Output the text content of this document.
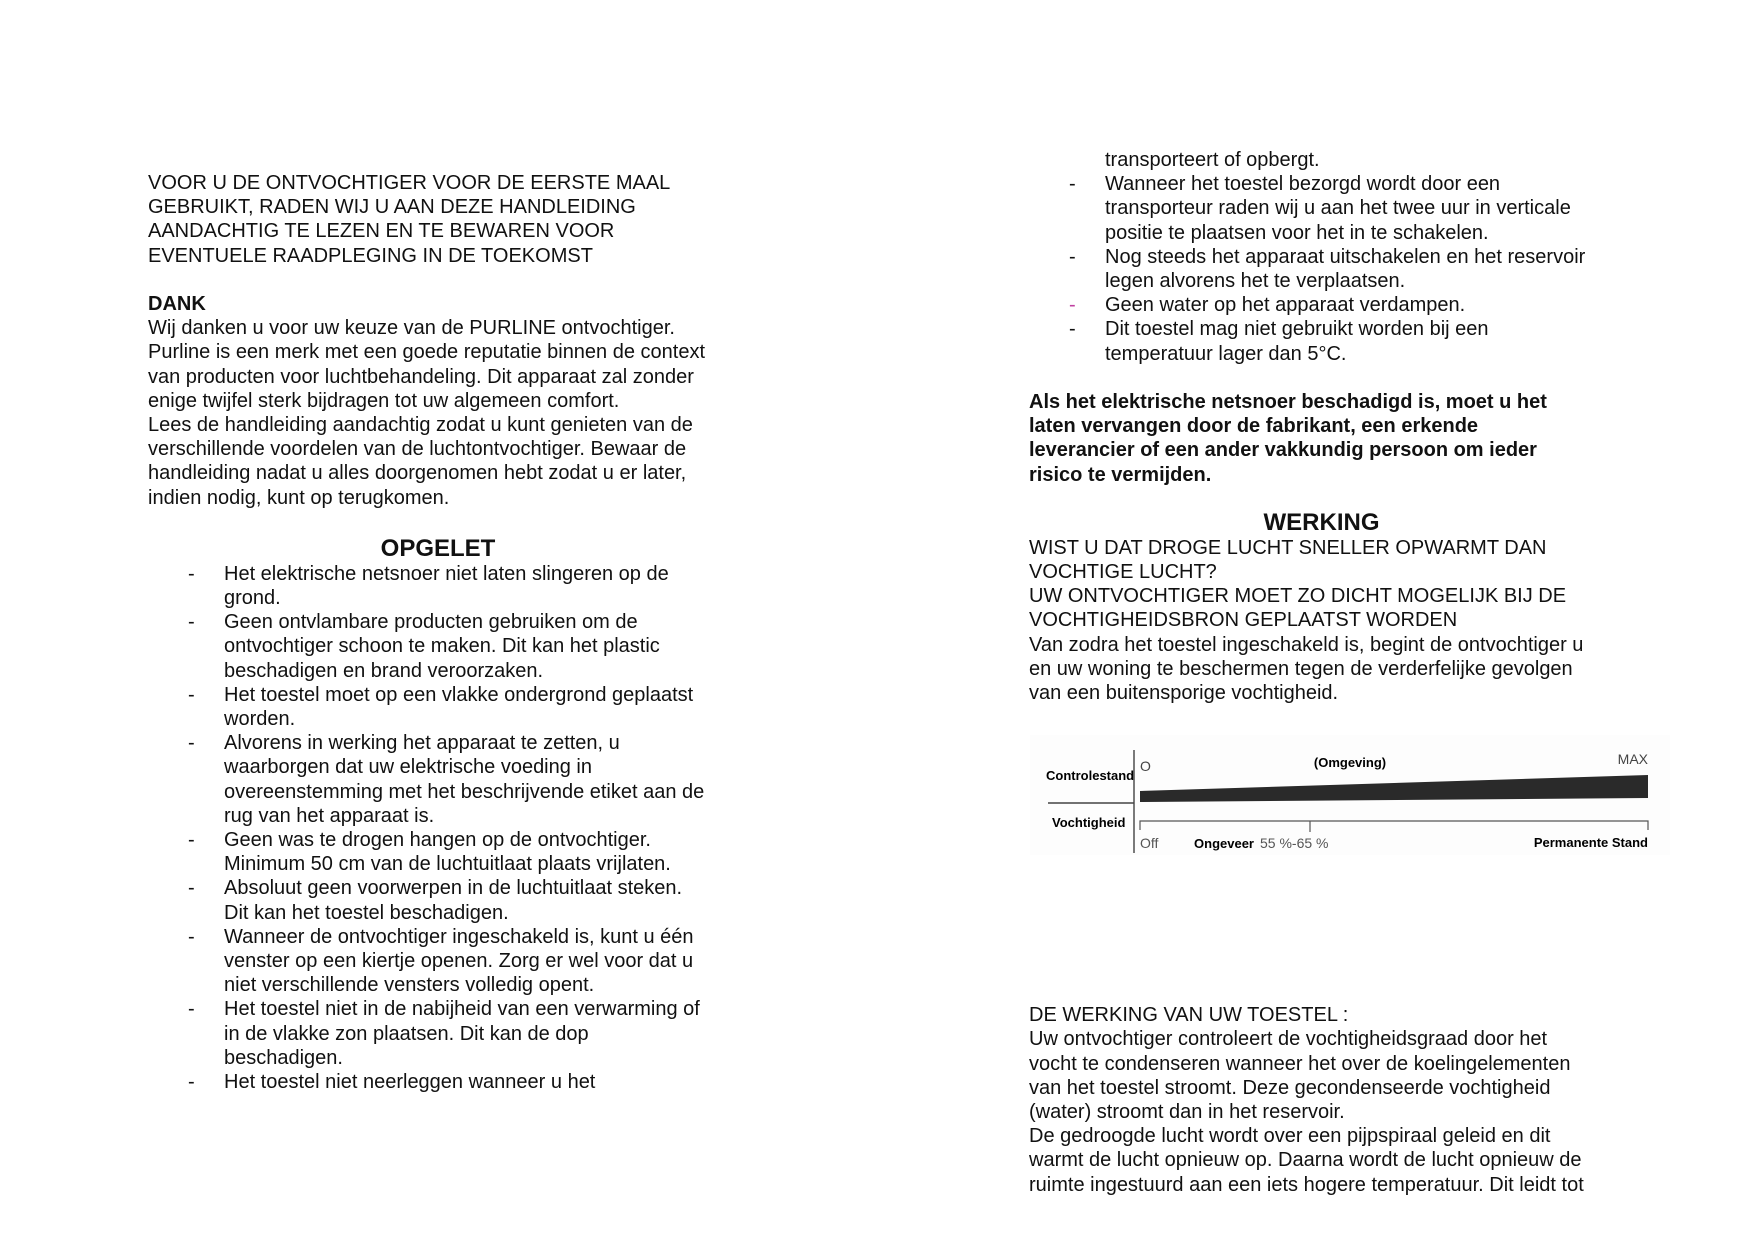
VOOR U DE ONTVOCHTIGER VOOR DE EERSTE MAAL
GEBRUIKT, RADEN WIJ U AAN DEZE HANDLEIDING
AANDACHTIG TE LEZEN EN TE BEWAREN VOOR
EVENTUELE RAADPLEGING IN DE TOEKOMST
DANK
Wij danken u voor uw keuze van de PURLINE ontvochtiger.
Purline is een merk met een goede reputatie binnen de context
van producten voor luchtbehandeling. Dit apparaat zal zonder
enige twijfel sterk bijdragen tot uw algemeen comfort.
Lees de handleiding aandachtig zodat u kunt genieten van de
verschillende voordelen van de luchtontvochtiger. Bewaar de
handleiding nadat u alles doorgenomen hebt zodat u er later,
indien nodig, kunt op terugkomen.
OPGELET
- Het elektrische netsnoer niet laten slingeren op de
grond.
- Geen ontvlambare producten gebruiken om de
ontvochtiger schoon te maken. Dit kan het plastic
beschadigen en brand veroorzaken.
- Het toestel moet op een vlakke ondergrond geplaatst
worden.
- Alvorens in werking het apparaat te zetten, u
waarborgen dat uw elektrische voeding in
overeenstemming met het beschrijvende etiket aan de
rug van het apparaat is.
- Geen was te drogen hangen op de ontvochtiger.
Minimum 50 cm van de luchtuitlaat plaats vrijlaten.
- Absoluut geen voorwerpen in de luchtuitlaat steken.
Dit kan het toestel beschadigen.
- Wanneer de ontvochtiger ingeschakeld is, kunt u één
venster op een kiertje openen. Zorg er wel voor dat u
niet verschillende vensters volledig opent.
- Het toestel niet in de nabijheid van een verwarming of
in de vlakke zon plaatsen. Dit kan de dop
beschadigen.
- Het toestel niet neerleggen wanneer u het
transporteert of opbergt.
- Wanneer het toestel bezorgd wordt door een
transporteur raden wij u aan het twee uur in verticale
positie te plaatsen voor het in te schakelen.
- Nog steeds het apparaat uitschakelen en het reservoir
legen alvorens het te verplaatsen.
- Geen water op het apparaat verdampen.
- Dit toestel mag niet gebruikt worden bij een
temperatuur lager dan 5°C.
Als het elektrische netsnoer beschadigd is, moet u het
laten vervangen door de fabrikant, een erkende
leverancier of een ander vakkundig persoon om ieder
risico te vermijden.
WERKING
WIST U DAT DROGE LUCHT SNELLER OPWARMT DAN
VOCHTIGE LUCHT?
UW ONTVOCHTIGER MOET ZO DICHT MOGELIJK BIJ DE
VOCHTIGHEIDSBRON GEPLAATST WORDEN
Van zodra het toestel ingeschakeld is, begint de ontvochtiger u
en uw woning te beschermen tegen de verderfelijke gevolgen
van een buitensporige vochtigheid.
DE WERKING VAN UW TOESTEL :
Uw ontvochtiger controleert de vochtigheidsgraad door het
vocht te condenseren wanneer het over de koelingelementen
van het toestel stroomt. Deze gecondenseerde vochtigheid
(water) stroomt dan in het reservoir.
De gedroogde lucht wordt over een pijpspiraal geleid en dit
warmt de lucht opnieuw op. Daarna wordt de lucht opnieuw de
ruimte ingestuurd aan een iets hogere temperatuur. Dit leidt tot
Controlestand
Vochtigheid
O	(Omgeving)	MAX
Off	Ongeveer 55 %-65 %	Permanente Stand
